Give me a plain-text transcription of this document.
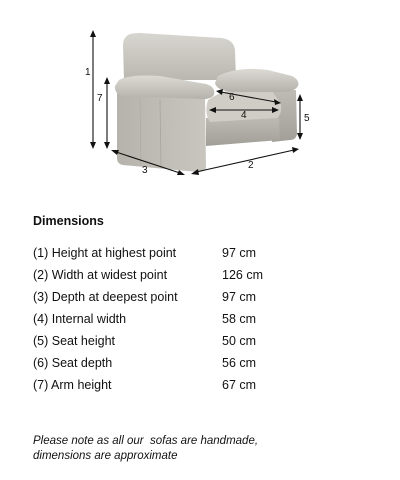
1
7	6
4	5
3	2
Dimensions
(1) Height at highest point	97 cm
(2) Width at widest point	126 cm
(3) Depth at deepest point	97 cm
(4) Internal width	58 cm
(5) Seat height	50 cm
(6) Seat depth	56 cm
(7) Arm height	67 cm
Please note as all our  sofas are handmade,
dimensions are approximate
